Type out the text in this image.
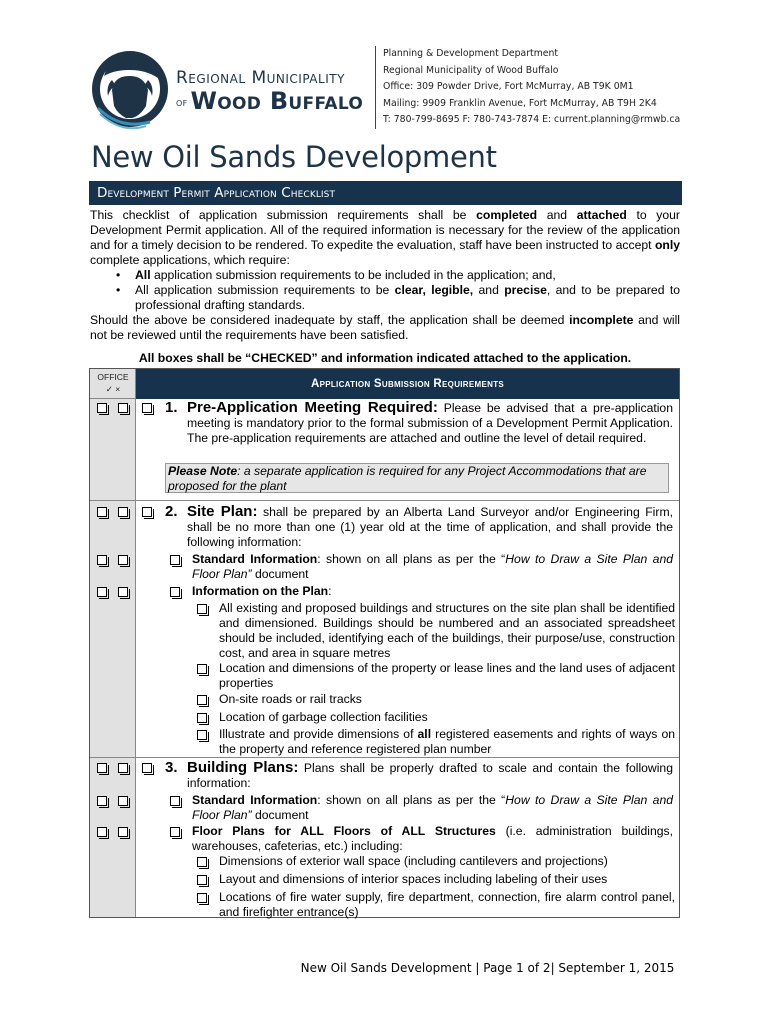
Regional Municipality
$^{of}$ Wood Buffalo
Planning & Development Department
Regional Municipality of Wood Buffalo
Office: 309 Powder Drive, Fort McMurray, AB T9K 0M1
Mailing: 9909 Franklin Avenue, Fort McMurray, AB T9H 2K4
T: 780-799-8695 F: 780-743-7874 E: current.planning@rmwb.ca
New Oil Sands Development
Development Permit Application Checklist

This checklist of application submission requirements shall be completed and attached to your Development Permit application. All of the required information is necessary for the review of the application and for a timely decision to be rendered. To expedite the evaluation, staff have been instructed to accept only complete applications, which require:

• All application submission requirements to be included in the application; and,
• All application submission requirements to be clear, legible, and precise, and to be prepared to professional drafting standards.

Should the above be considered inadequate by staff, the application shall be deemed incomplete and will not be reviewed until the requirements have been satisfied.

All boxes shall be “CHECKED” and information indicated attached to the application.
OFFICE
✓ ×	Application Submission Requirements
1. Pre-Application Meeting Required: Please be advised that a pre-application meeting is mandatory prior to the formal submission of a Development Permit Application. The pre-application requirements are attached and outline the level of detail required.
Please Note: a separate application is required for any Project Accommodations that are proposed for the plant
2. Site Plan: shall be prepared by an Alberta Land Surveyor and/or Engineering Firm, shall be no more than one (1) year old at the time of application, and shall provide the following information:
Standard Information: shown on all plans as per the “How to Draw a Site Plan and Floor Plan” document
Information on the Plan:
All existing and proposed buildings and structures on the site plan shall be identified and dimensioned. Buildings should be numbered and an associated spreadsheet should be included, identifying each of the buildings, their purpose/use, construction cost, and area in square metres
Location and dimensions of the property or lease lines and the land uses of adjacent properties
On-site roads or rail tracks
Location of garbage collection facilities
Illustrate and provide dimensions of all registered easements and rights of ways on the property and reference registered plan number
3. Building Plans: Plans shall be properly drafted to scale and contain the following information:
Standard Information: shown on all plans as per the “How to Draw a Site Plan and Floor Plan” document
Floor Plans for ALL Floors of ALL Structures (i.e. administration buildings, warehouses, cafeterias, etc.) including:
Dimensions of exterior wall space (including cantilevers and projections)
Layout and dimensions of interior spaces including labeling of their uses
Locations of fire water supply, fire department, connection, fire alarm control panel, and firefighter entrance(s)
New Oil Sands Development | Page 1 of 2| September 1, 2015
